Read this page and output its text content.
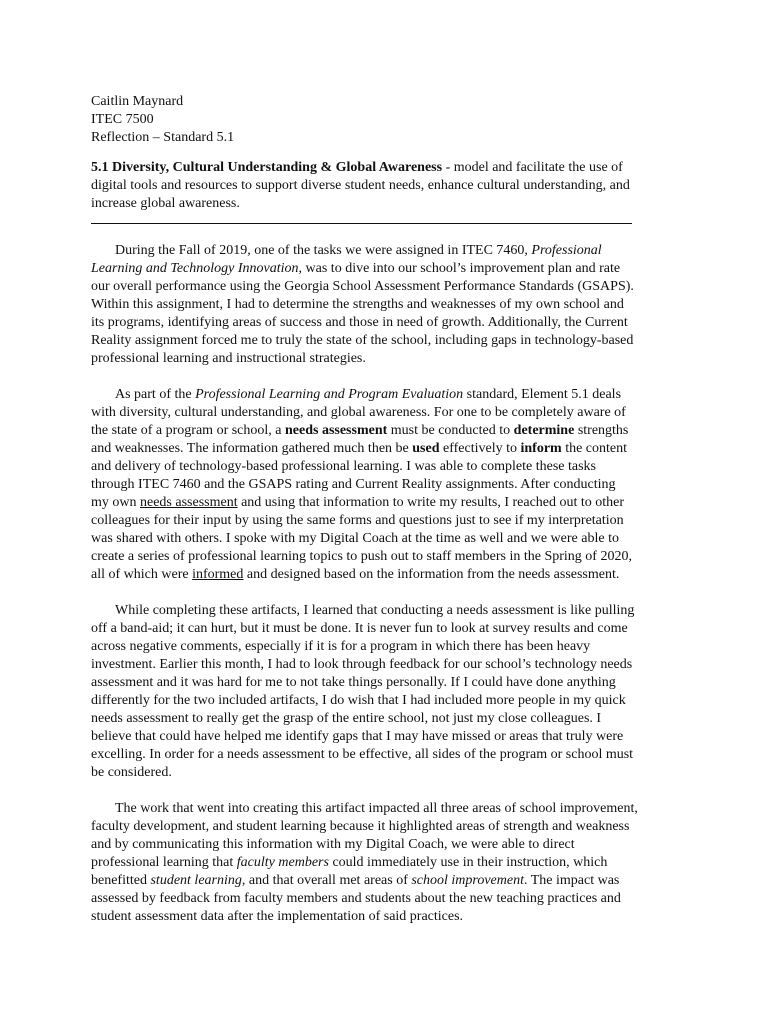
Caitlin Maynard
ITEC 7500
Reflection – Standard 5.1
5.1 Diversity, Cultural Understanding & Global Awareness - model and facilitate the use of
digital tools and resources to support diverse student needs, enhance cultural understanding, and
increase global awareness.
During the Fall of 2019, one of the tasks we were assigned in ITEC 7460, Professional
Learning and Technology Innovation, was to dive into our school’s improvement plan and rate
our overall performance using the Georgia School Assessment Performance Standards (GSAPS).
Within this assignment, I had to determine the strengths and weaknesses of my own school and
its programs, identifying areas of success and those in need of growth. Additionally, the Current
Reality assignment forced me to truly the state of the school, including gaps in technology-based
professional learning and instructional strategies.
As part of the Professional Learning and Program Evaluation standard, Element 5.1 deals
with diversity, cultural understanding, and global awareness. For one to be completely aware of
the state of a program or school, a needs assessment must be conducted to determine strengths
and weaknesses. The information gathered much then be used effectively to inform the content
and delivery of technology-based professional learning. I was able to complete these tasks
through ITEC 7460 and the GSAPS rating and Current Reality assignments. After conducting
my own needs assessment and using that information to write my results, I reached out to other
colleagues for their input by using the same forms and questions just to see if my interpretation
was shared with others. I spoke with my Digital Coach at the time as well and we were able to
create a series of professional learning topics to push out to staff members in the Spring of 2020,
all of which were informed and designed based on the information from the needs assessment.
While completing these artifacts, I learned that conducting a needs assessment is like pulling
off a band-aid; it can hurt, but it must be done. It is never fun to look at survey results and come
across negative comments, especially if it is for a program in which there has been heavy
investment. Earlier this month, I had to look through feedback for our school’s technology needs
assessment and it was hard for me to not take things personally. If I could have done anything
differently for the two included artifacts, I do wish that I had included more people in my quick
needs assessment to really get the grasp of the entire school, not just my close colleagues. I
believe that could have helped me identify gaps that I may have missed or areas that truly were
excelling. In order for a needs assessment to be effective, all sides of the program or school must
be considered.
The work that went into creating this artifact impacted all three areas of school improvement,
faculty development, and student learning because it highlighted areas of strength and weakness
and by communicating this information with my Digital Coach, we were able to direct
professional learning that faculty members could immediately use in their instruction, which
benefitted student learning, and that overall met areas of school improvement. The impact was
assessed by feedback from faculty members and students about the new teaching practices and
student assessment data after the implementation of said practices.
